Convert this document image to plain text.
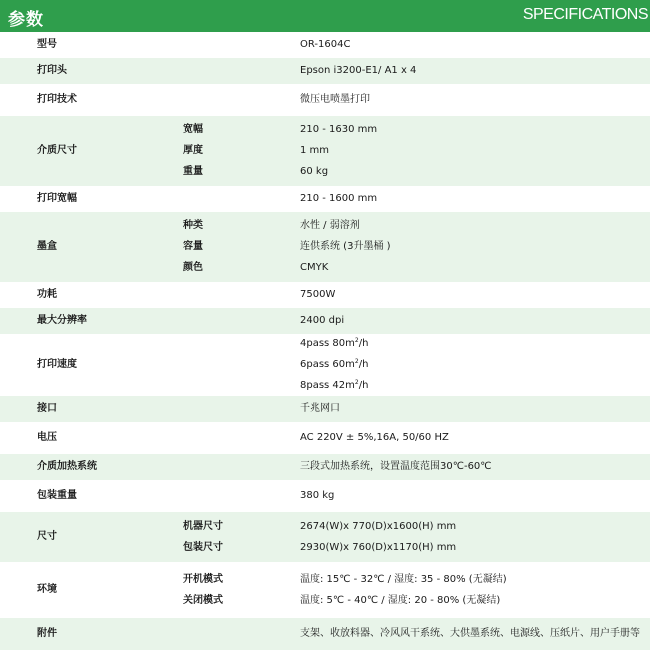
参数	SPECIFICATIONS
型号	OR-1604C
打印头	Epson i3200-E1/ A1 x 4
打印技术	微压电喷墨打印
介质尺寸
宽幅	210 - 1630 mm
厚度	1 mm
重量	60 kg
打印宽幅	210 - 1600 mm
墨盒
种类	水性 / 弱溶剂
容量	连供系统 (3升墨桶 )
颜色	CMYK
功耗	7500W
最大分辨率	2400 dpi
打印速度
4pass $80m^2/h$
6pass $60m^2/h$
8pass $42m^2/h$
接口	千兆网口
电压	AC 220V ± 5%,16A, 50/60 HZ
介质加热系统	三段式加热系统，设置温度范围30℃-60℃
包装重量	380 kg
尺寸
机器尺寸	2674(W)x 770(D)x1600(H) mm
包装尺寸	2930(W)x 760(D)x1170(H) mm
环境
开机模式	温度: 15℃ - 32℃ / 湿度: 35 - 80% (无凝结)
关闭模式	温度: 5℃ - 40℃ / 湿度: 20 - 80% (无凝结)
附件	支架、收放料器、冷风风干系统、大供墨系统、电源线、压纸片、用户手册等
